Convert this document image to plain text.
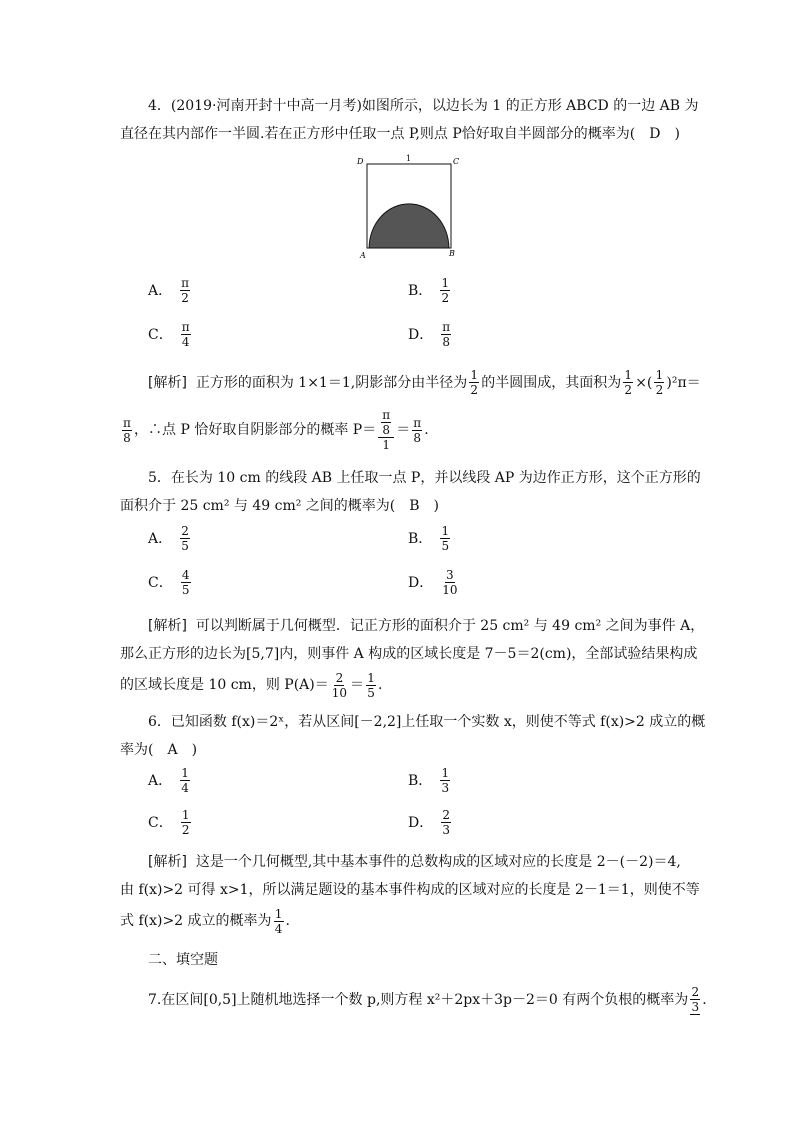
4．(2019·河南开封十中高一月考)如图所示，以边长为 1 的正方形 ABCD 的一边 AB 为
直径在其内部作一半圆.若在正方形中任取一点 P,则点 P恰好取自半圆部分的概率为(　D　)
D	C
A	B
1
A． $\frac{\pi}{2}$	B． $\frac{1}{2}$
C． $\frac{\pi}{4}$	D． $\frac{\pi}{8}$
[解析]
正方形的面积为 1×1＝1,阴影部分由半径为 $\frac{1}{2}$ 的半圆围成，其面积为 $\frac{1}{2}$ ×( $\frac{1}{2} )^2\pi=$
$\frac{\pi}{8}$ ，∴点 P 恰好取自阴影部分的概率 $P= \frac{\frac{\pi}{8}}{1} = \frac{\pi}{8}$ .
5．在长为 10 cm 的线段 AB 上任取一点 P，并以线段 AP 为边作正方形，这个正方形的
面积介于 25 cm² 与 49 cm² 之间的概率为(　B　)
A． $\frac{2}{5}$	B． $\frac{1}{5}$
C． $\frac{4}{5}$	D． $\frac{3}{10}$
[解析] 可以判断属于几何概型．记正方形的面积介于 25 cm² 与 49 cm² 之间为事件 A，
那么正方形的边长为[5,7]内，则事件 A 构成的区域长度是 7－5＝2(cm)，全部试验结果构成
的区域长度是 10 cm，则 $P(A)= \frac{2}{10} = \frac{1}{5}$ .
6．已知函数 f(x)＝2ˣ，若从区间[－2,2]上任取一个实数 x，则使不等式 f(x)>2 成立的概
率为(　A　)
A． $\frac{1}{4}$	B． $\frac{1}{3}$
C． $\frac{1}{2}$	D． $\frac{2}{3}$
[解析] 这是一个几何概型,其中基本事件的总数构成的区域对应的长度是 2－(－2)＝4,
由 f(x)>2 可得 x>1，所以满足题设的基本事件构成的区域对应的长度是 2－1＝1，则使不等
式 f(x)>2 成立的概率为 $\frac{1}{4}$ .
二、填空题
7.在区间[0,5]上随机地选择一个数 p,则方程 x²＋2px＋3p－2＝0 有两个负根的概率为 $\frac{2}{3}$ .
